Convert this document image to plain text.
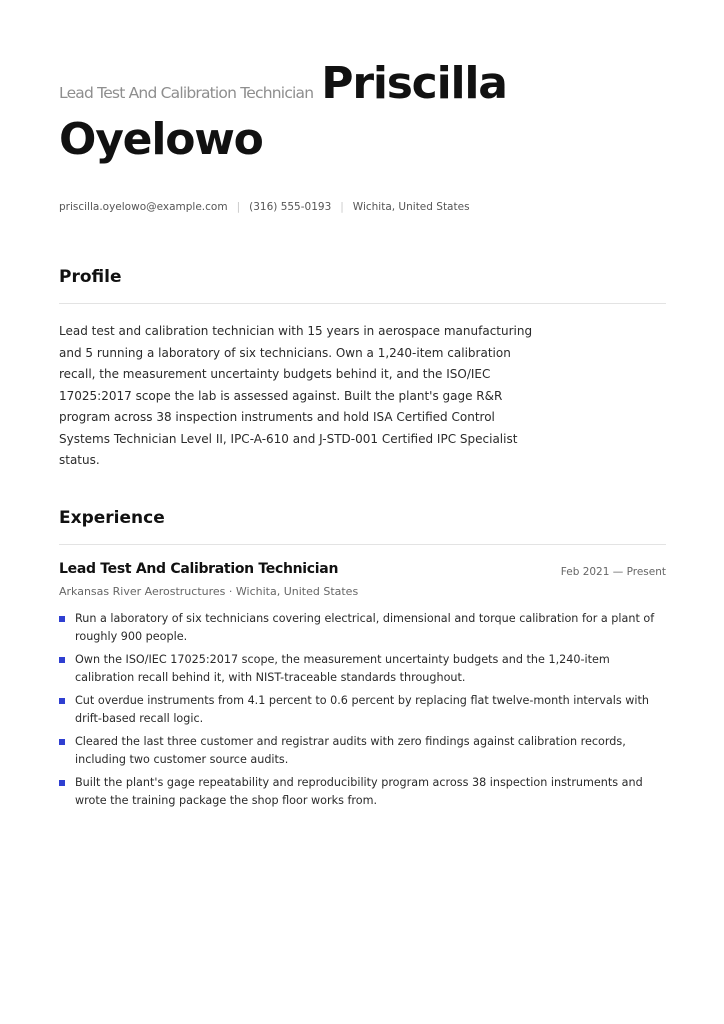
Lead Test And Calibration Technician Priscilla
Oyelowo
priscilla.oyelowo@example.com | (316) 555-0193 | Wichita, United States
Profile

Lead test and calibration technician with 15 years in aerospace manufacturing and 5 running a laboratory of six technicians. Own a 1,240-item calibration recall, the measurement uncertainty budgets behind it, and the ISO/IEC 17025:2017 scope the lab is assessed against. Built the plant's gage R&R program across 38 inspection instruments and hold ISA Certified Control Systems Technician Level II, IPC-A-610 and J-STD-001 Certified IPC Specialist status.

Experience
Lead Test And Calibration Technician	Feb 2021 — Present
Arkansas River Aerostructures · Wichita, United States
Run a laboratory of six technicians covering electrical, dimensional and torque calibration for a plant of roughly 900 people.
Own the ISO/IEC 17025:2017 scope, the measurement uncertainty budgets and the 1,240-item calibration recall behind it, with NIST-traceable standards throughout.
Cut overdue instruments from 4.1 percent to 0.6 percent by replacing flat twelve-month intervals with drift-based recall logic.
Cleared the last three customer and registrar audits with zero findings against calibration records, including two customer source audits.
Built the plant's gage repeatability and reproducibility program across 38 inspection instruments and wrote the training package the shop floor works from.
